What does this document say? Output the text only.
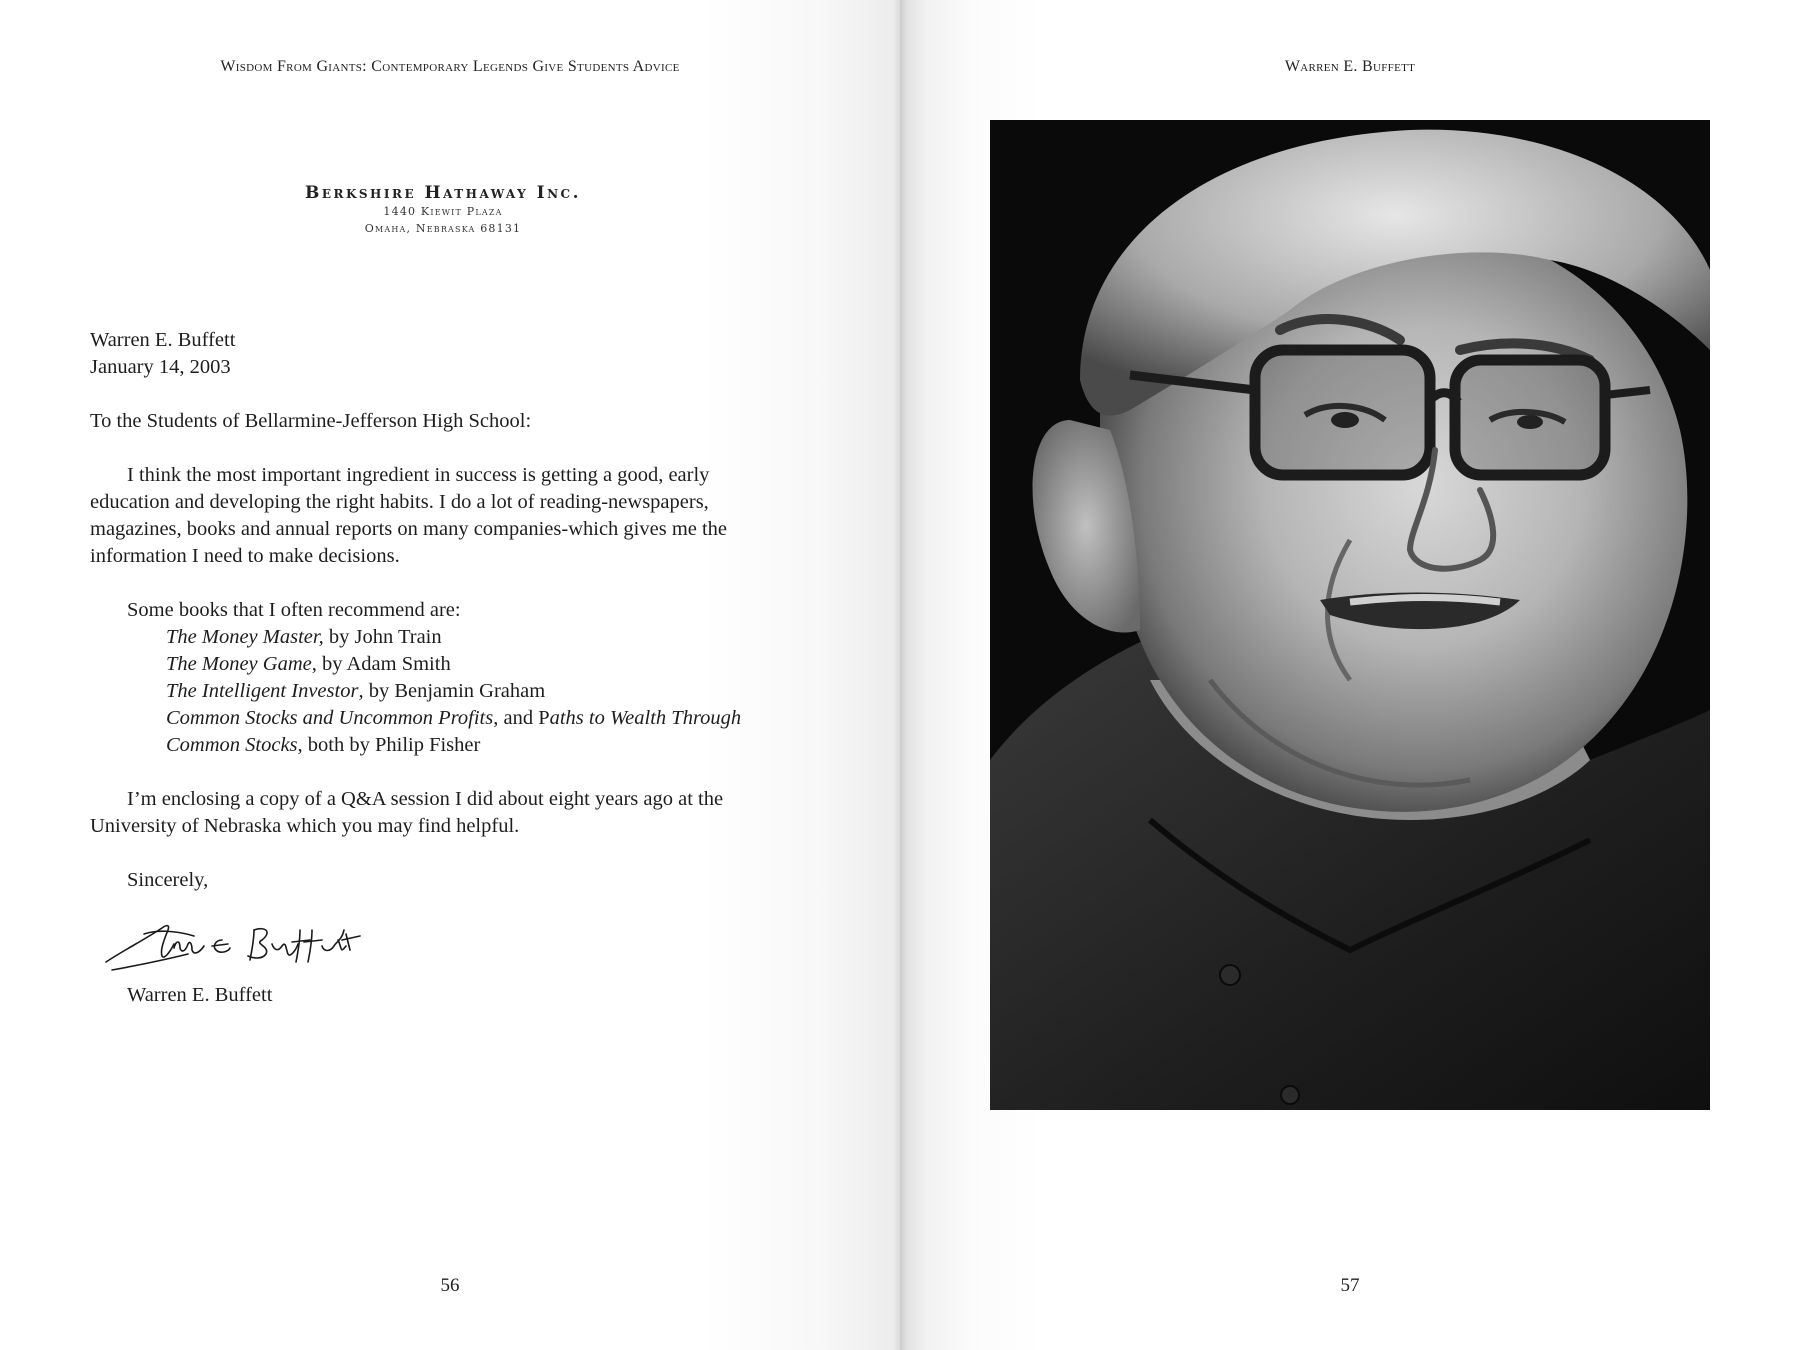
Wisdom From Giants: Contemporary Legends Give Students Advice
Berkshire Hathaway Inc.
1440 Kiewit Plaza
Omaha, Nebraska 68131

Warren E. Buffett

January 14, 2003

To the Students of Bellarmine-Jefferson High School:

I think the most important ingredient in success is getting a good, early education and developing the right habits. I do a lot of reading-newspapers, magazines, books and annual reports on many companies-which gives me the information I need to make decisions.

Some books that I often recommend are:

The Money Master, by John Train

The Money Game, by Adam Smith

The Intelligent Investor, by Benjamin Graham

Common Stocks and Uncommon Profits, and Paths to Wealth Through

Common Stocks, both by Philip Fisher

I’m enclosing a copy of a Q&A session I did about eight years ago at the University of Nebraska which you may find helpful.

Sincerely,

Warren E. Buffett

56
Warren E. Buffett
57
